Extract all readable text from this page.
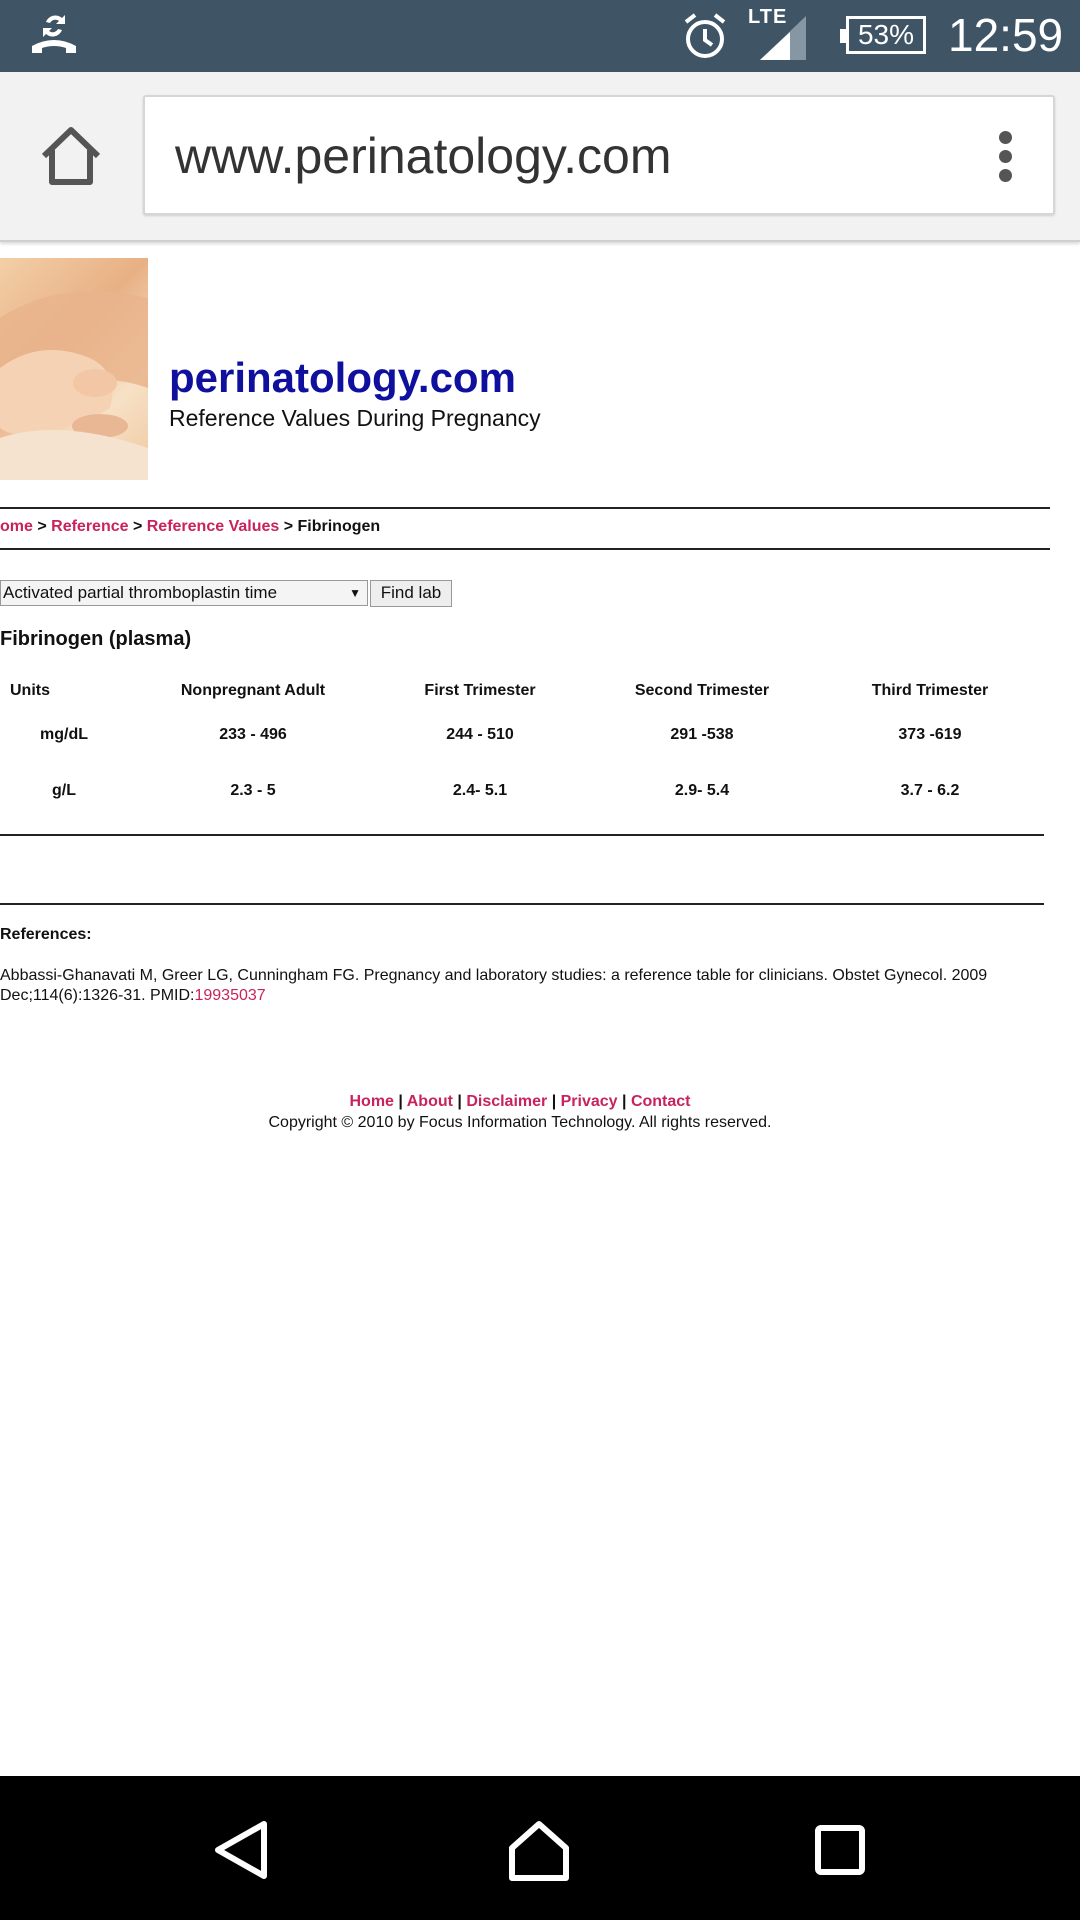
LTE
53% 12:59
www.perinatology.com
perinatology.com
Reference Values During Pregnancy
ome > Reference > Reference Values > Fibrinogen
Activated partial thromboplastin time	▼	Find lab
Fibrinogen (plasma)
Units	Nonpregnant Adult	First Trimester	Second Trimester	Third Trimester
mg/dL	233 - 496	244 - 510	291 -538	373 -619
g/L	2.3 - 5	2.4- 5.1	2.9- 5.4	3.7 - 6.2
References:
Abbassi-Ghanavati M, Greer LG, Cunningham FG. Pregnancy and laboratory studies: a reference table for clinicians. Obstet Gynecol. 2009 Dec;114(6):1326-31. PMID:19935037
Home | About | Disclaimer | Privacy | Contact
Copyright © 2010 by Focus Information Technology. All rights reserved.
